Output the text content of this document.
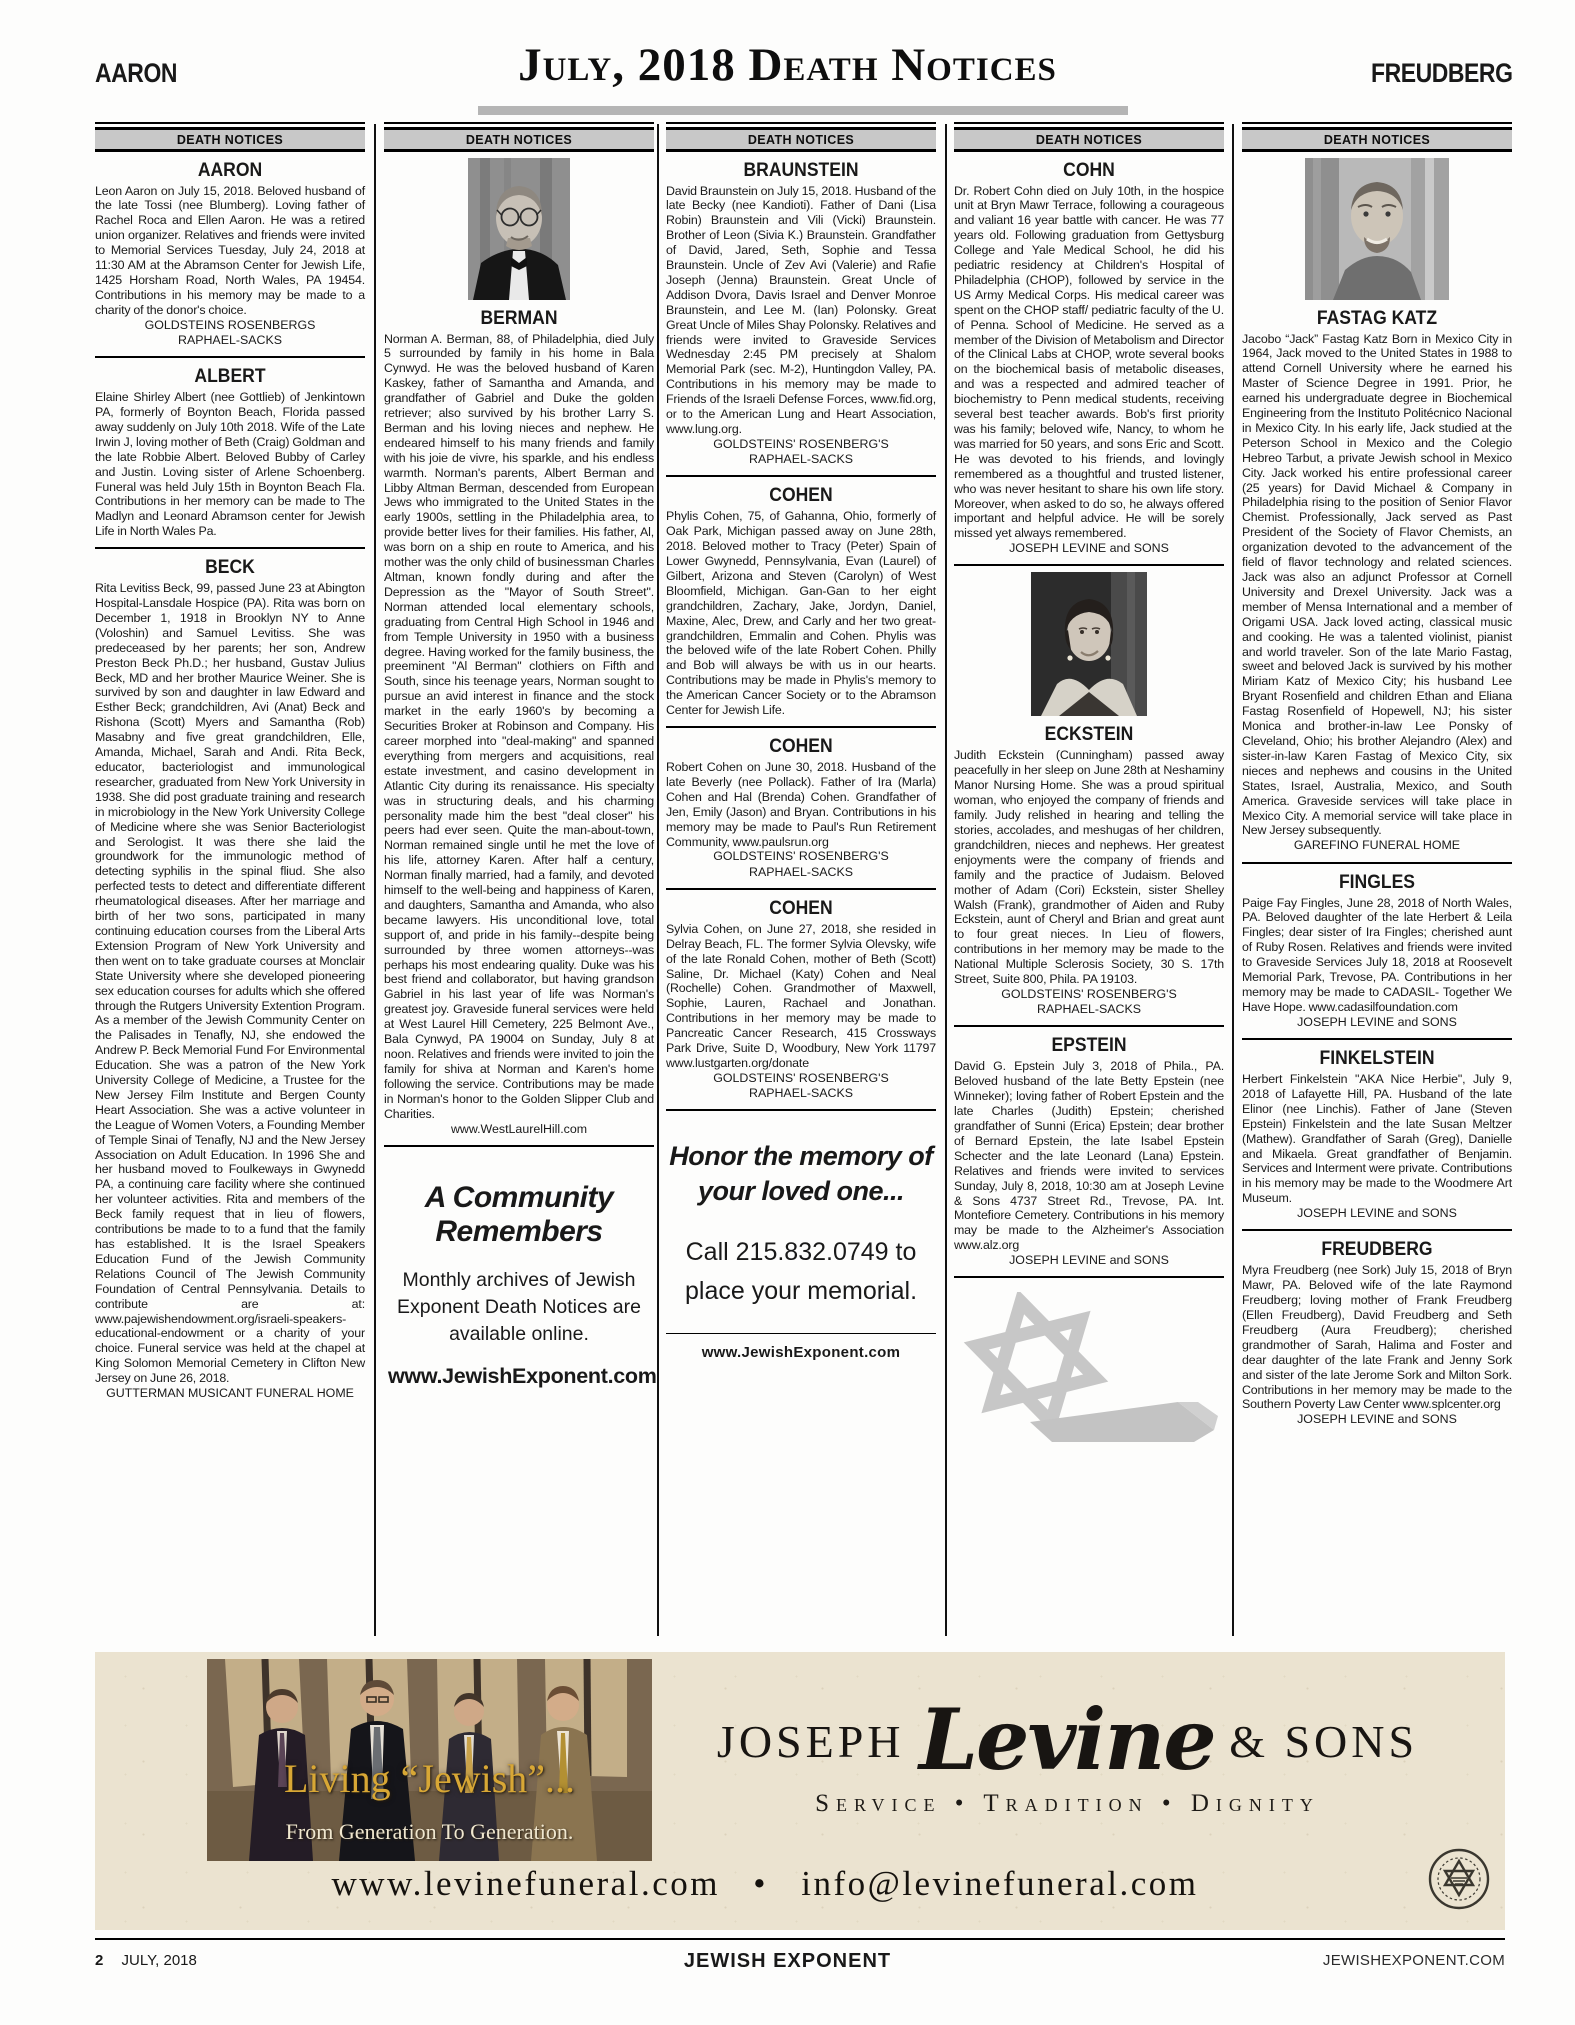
AARON	July, 2018 Death Notices	FREUDBERG
DEATH NOTICES
AARON

Leon Aaron on July 15, 2018. Beloved husband of the late Tossi (nee Blumberg). Loving father of Rachel Roca and Ellen Aaron. He was a retired union organizer. Relatives and friends were invited to Memorial Services Tuesday, July 24, 2018 at 11:30 AM at the Abramson Center for Jewish Life, 1425 Horsham Road, North Wales, PA 19454. Contributions in his memory may be made to a charity of the donor's choice.

GOLDSTEINS ROSENBERGS
RAPHAEL-SACKS
ALBERT

Elaine Shirley Albert (nee Gottlieb) of Jenkintown PA, formerly of Boynton Beach, Florida passed away suddenly on July 10th 2018. Wife of the Late Irwin J, loving mother of Beth (Craig) Goldman and the late Robbie Albert. Beloved Bubby of Carley and Justin. Loving sister of Arlene Schoenberg. Funeral was held July 15th in Boynton Beach Fla. Contributions in her memory can be made to The Madlyn and Leonard Abramson center for Jewish Life in North Wales Pa.

BECK

Rita Levitiss Beck, 99, passed June 23 at Abington Hospital-Lansdale Hospice (PA). Rita was born on December 1, 1918 in Brooklyn NY to Anne (Voloshin) and Samuel Levitiss. She was predeceased by her parents; her son, Andrew Preston Beck Ph.D.; her husband, Gustav Julius Beck, MD and her brother Maurice Weiner. She is survived by son and daughter in law Edward and Esther Beck; grandchildren, Avi (Anat) Beck and Rishona (Scott) Myers and Samantha (Rob) Masabny and five great grandchildren, Elle, Amanda, Michael, Sarah and Andi. Rita Beck, educator, bacteriologist and immunological researcher, graduated from New York University in 1938. She did post graduate training and research in microbiology in the New York University College of Medicine where she was Senior Bacteriologist and Serologist. It was there she laid the groundwork for the immunologic method of detecting syphilis in the spinal fliud. She also perfected tests to detect and differentiate different rheumatological diseases. After her marriage and birth of her two sons, participated in many continuing education courses from the Liberal Arts Extension Program of New York University and then went on to take graduate courses at Monclair State University where she developed pioneering sex education courses for adults which she offered through the Rutgers University Extention Program. As a member of the Jewish Community Center on the Palisades in Tenafly, NJ, she endowed the Andrew P. Beck Memorial Fund For Environmental Education. She was a patron of the New York University College of Medicine, a Trustee for the New Jersey Film Institute and Bergen County Heart Association. She was a active volunteer in the League of Women Voters, a Founding Member of Temple Sinai of Tenafly, NJ and the New Jersey Association on Adult Education. In 1996 She and her husband moved to Foulkeways in Gwynedd PA, a continuing care facility where she continued her volunteer activities. Rita and members of the Beck family request that in lieu of flowers, contributions be made to to a fund that the family has established. It is the Israel Speakers Education Fund of the Jewish Community Relations Council of The Jewish Community Foundation of Central Pennsylvania. Details to contribute are at: www.pajewishendowment.org/israeli-speakers-educational-endowment or a charity of your choice. Funeral service was held at the chapel at King Solomon Memorial Cemetery in Clifton New Jersey on June 26, 2018.

GUTTERMAN MUSICANT FUNERAL HOME
DEATH NOTICES
BERMAN

Norman A. Berman, 88, of Philadelphia, died July 5 surrounded by family in his home in Bala Cynwyd. He was the beloved husband of Karen Kaskey, father of Samantha and Amanda, and grandfather of Gabriel and Duke the golden retriever; also survived by his brother Larry S. Berman and his loving nieces and nephew. He endeared himself to his many friends and family with his joie de vivre, his sparkle, and his endless warmth. Norman's parents, Albert Berman and Libby Altman Berman, descended from European Jews who immigrated to the United States in the early 1900s, settling in the Philadelphia area, to provide better lives for their families. His father, Al, was born on a ship en route to America, and his mother was the only child of businessman Charles Altman, known fondly during and after the Depression as the "Mayor of South Street". Norman attended local elementary schools, graduating from Central High School in 1946 and from Temple University in 1950 with a business degree. Having worked for the family business, the preeminent "Al Berman" clothiers on Fifth and South, since his teenage years, Norman sought to pursue an avid interest in finance and the stock market in the early 1960's by becoming a Securities Broker at Robinson and Company. His career morphed into "deal-making" and spanned everything from mergers and acquisitions, real estate investment, and casino development in Atlantic City during its renaissance. His specialty was in structuring deals, and his charming personality made him the best "deal closer" his peers had ever seen. Quite the man-about-town, Norman remained single until he met the love of his life, attorney Karen. After half a century, Norman finally married, had a family, and devoted himself to the well-being and happiness of Karen, and daughters, Samantha and Amanda, who also became lawyers. His unconditional love, total support of, and pride in his family--despite being surrounded by three women attorneys--was perhaps his most endearing quality. Duke was his best friend and collaborator, but having grandson Gabriel in his last year of life was Norman's greatest joy. Graveside funeral services were held at West Laurel Hill Cemetery, 225 Belmont Ave., Bala Cynwyd, PA 19004 on Sunday, July 8 at noon. Relatives and friends were invited to join the family for shiva at Norman and Karen's home following the service. Contributions may be made in Norman's honor to the Golden Slipper Club and Charities.

www.WestLaurelHill.com
A Community Remembers
Monthly archives of Jewish Exponent Death Notices are available online.
www.JewishExponent.com
DEATH NOTICES
BRAUNSTEIN

David Braunstein on July 15, 2018. Husband of the late Becky (nee Kandioti). Father of Dani (Lisa Robin) Braunstein and Vili (Vicki) Braunstein. Brother of Leon (Sivia K.) Braunstein. Grandfather of David, Jared, Seth, Sophie and Tessa Braunstein. Uncle of Zev Avi (Valerie) and Rafie Joseph (Jenna) Braunstein. Great Uncle of Addison Dvora, Davis Israel and Denver Monroe Braunstein, and Lee M. (Ian) Polonsky. Great Great Uncle of Miles Shay Polonsky. Relatives and friends were invited to Graveside Services Wednesday 2:45 PM precisely at Shalom Memorial Park (sec. M-2), Huntingdon Valley, PA. Contributions in his memory may be made to Friends of the Israeli Defense Forces, www.fid.org, or to the American Lung and Heart Association, www.lung.org.

GOLDSTEINS' ROSENBERG'S
RAPHAEL-SACKS
COHEN

Phylis Cohen, 75, of Gahanna, Ohio, formerly of Oak Park, Michigan passed away on June 28th, 2018. Beloved mother to Tracy (Peter) Spain of Lower Gwynedd, Pennsylvania, Evan (Laurel) of Gilbert, Arizona and Steven (Carolyn) of West Bloomfield, Michigan. Gan-Gan to her eight grandchildren, Zachary, Jake, Jordyn, Daniel, Maxine, Alec, Drew, and Carly and her two great-grandchildren, Emmalin and Cohen. Phylis was the beloved wife of the late Robert Cohen. Philly and Bob will always be with us in our hearts. Contributions may be made in Phylis's memory to the American Cancer Society or to the Abramson Center for Jewish Life.

COHEN

Robert Cohen on June 30, 2018. Husband of the late Beverly (nee Pollack). Father of Ira (Marla) Cohen and Hal (Brenda) Cohen. Grandfather of Jen, Emily (Jason) and Bryan. Contributions in his memory may be made to Paul's Run Retirement Community, www.paulsrun.org

GOLDSTEINS' ROSENBERG'S
RAPHAEL-SACKS
COHEN

Sylvia Cohen, on June 27, 2018, she resided in Delray Beach, FL. The former Sylvia Olevsky, wife of the late Ronald Cohen, mother of Beth (Scott) Saline, Dr. Michael (Katy) Cohen and Neal (Rochelle) Cohen. Grandmother of Maxwell, Sophie, Lauren, Rachael and Jonathan. Contributions in her memory may be made to Pancreatic Cancer Research, 415 Crossways Park Drive, Suite D, Woodbury, New York 11797 www.lustgarten.org/donate

GOLDSTEINS' ROSENBERG'S
RAPHAEL-SACKS
Honor the memory of your loved one...
Call 215.832.0749 to place your memorial.
www.JewishExponent.com
DEATH NOTICES
COHN

Dr. Robert Cohn died on July 10th, in the hospice unit at Bryn Mawr Terrace, following a courageous and valiant 16 year battle with cancer. He was 77 years old. Following graduation from Gettysburg College and Yale Medical School, he did his pediatric residency at Children's Hospital of Philadelphia (CHOP), followed by service in the US Army Medical Corps. His medical career was spent on the CHOP staff/ pediatric faculty of the U. of Penna. School of Medicine. He served as a member of the Division of Metabolism and Director of the Clinical Labs at CHOP, wrote several books on the biochemical basis of metabolic diseases, and was a respected and admired teacher of biochemistry to Penn medical students, receiving several best teacher awards. Bob's first priority was his family; beloved wife, Nancy, to whom he was married for 50 years, and sons Eric and Scott. He was devoted to his friends, and lovingly remembered as a thoughtful and trusted listener, who was never hesitant to share his own life story. Moreover, when asked to do so, he always offered important and helpful advice. He will be sorely missed yet always remembered.

JOSEPH LEVINE and SONS
ECKSTEIN

Judith Eckstein (Cunningham) passed away peacefully in her sleep on June 28th at Neshaminy Manor Nursing Home. She was a proud spiritual woman, who enjoyed the company of friends and family. Judy relished in hearing and telling the stories, accolades, and meshugas of her children, grandchildren, nieces and nephews. Her greatest enjoyments were the company of friends and family and the practice of Judaism. Beloved mother of Adam (Cori) Eckstein, sister Shelley Walsh (Frank), grandmother of Aiden and Ruby Eckstein, aunt of Cheryl and Brian and great aunt to four great nieces. In Lieu of flowers, contributions in her memory may be made to the National Multiple Sclerosis Society, 30 S. 17th Street, Suite 800, Phila. PA 19103.

GOLDSTEINS' ROSENBERG'S
RAPHAEL-SACKS
EPSTEIN

David G. Epstein July 3, 2018 of Phila., PA. Beloved husband of the late Betty Epstein (nee Winneker); loving father of Robert Epstein and the late Charles (Judith) Epstein; cherished grandfather of Sunni (Erica) Epstein; dear brother of Bernard Epstein, the late Isabel Epstein Schecter and the late Leonard (Lana) Epstein. Relatives and friends were invited to services Sunday, July 8, 2018, 10:30 am at Joseph Levine & Sons 4737 Street Rd., Trevose, PA. Int. Montefiore Cemetery. Contributions in his memory may be made to the Alzheimer's Association www.alz.org

JOSEPH LEVINE and SONS
DEATH NOTICES
FASTAG KATZ

Jacobo “Jack” Fastag Katz Born in Mexico City in 1964, Jack moved to the United States in 1988 to attend Cornell University where he earned his Master of Science Degree in 1991. Prior, he earned his undergraduate degree in Biochemical Engineering from the Instituto Politécnico Nacional in Mexico City. In his early life, Jack studied at the Peterson School in Mexico and the Colegio Hebreo Tarbut, a private Jewish school in Mexico City. Jack worked his entire professional career (25 years) for David Michael & Company in Philadelphia rising to the position of Senior Flavor Chemist. Professionally, Jack served as Past President of the Society of Flavor Chemists, an organization devoted to the advancement of the field of flavor technology and related sciences. Jack was also an adjunct Professor at Cornell University and Drexel University. Jack was a member of Mensa International and a member of Origami USA. Jack loved acting, classical music and cooking. He was a talented violinist, pianist and world traveler. Son of the late Mario Fastag, sweet and beloved Jack is survived by his mother Miriam Katz of Mexico City; his husband Lee Bryant Rosenfield and children Ethan and Eliana Fastag Rosenfield of Hopewell, NJ; his sister Monica and brother-in-law Lee Ponsky of Cleveland, Ohio; his brother Alejandro (Alex) and sister-in-law Karen Fastag of Mexico City, six nieces and nephews and cousins in the United States, Israel, Australia, Mexico, and South America. Graveside services will take place in Mexico City. A memorial service will take place in New Jersey subsequently.

GAREFINO FUNERAL HOME
FINGLES

Paige Fay Fingles, June 28, 2018 of North Wales, PA. Beloved daughter of the late Herbert & Leila Fingles; dear sister of Ira Fingles; cherished aunt of Ruby Rosen. Relatives and friends were invited to Graveside Services July 18, 2018 at Roosevelt Memorial Park, Trevose, PA. Contributions in her memory may be made to CADASIL- Together We Have Hope. www.cadasilfoundation.com

JOSEPH LEVINE and SONS
FINKELSTEIN

Herbert Finkelstein "AKA Nice Herbie", July 9, 2018 of Lafayette Hill, PA. Husband of the late Elinor (nee Linchis). Father of Jane (Steven Epstein) Finkelstein and the late Susan Meltzer (Mathew). Grandfather of Sarah (Greg), Danielle and Mikaela. Great grandfather of Benjamin. Services and Interment were private. Contributions in his memory may be made to the Woodmere Art Museum.

JOSEPH LEVINE and SONS
FREUDBERG

Myra Freudberg (nee Sork) July 15, 2018 of Bryn Mawr, PA. Beloved wife of the late Raymond Freudberg; loving mother of Frank Freudberg (Ellen Freudberg), David Freudberg and Seth Freudberg (Aura Freudberg); cherished grandmother of Sarah, Halima and Foster and dear daughter of the late Frank and Jenny Sork and sister of the late Jerome Sork and Milton Sork. Contributions in her memory may be made to the Southern Poverty Law Center www.splcenter.org

JOSEPH LEVINE and SONS
Living “Jewish”...
From Generation To Generation.
JOSEPH Levine & SONS
Service • Tradition • Dignity
www.levinefuneral.com • info@levinefuneral.com
2 JULY, 2018	JEWISH EXPONENT	JEWISHEXPONENT.COM
